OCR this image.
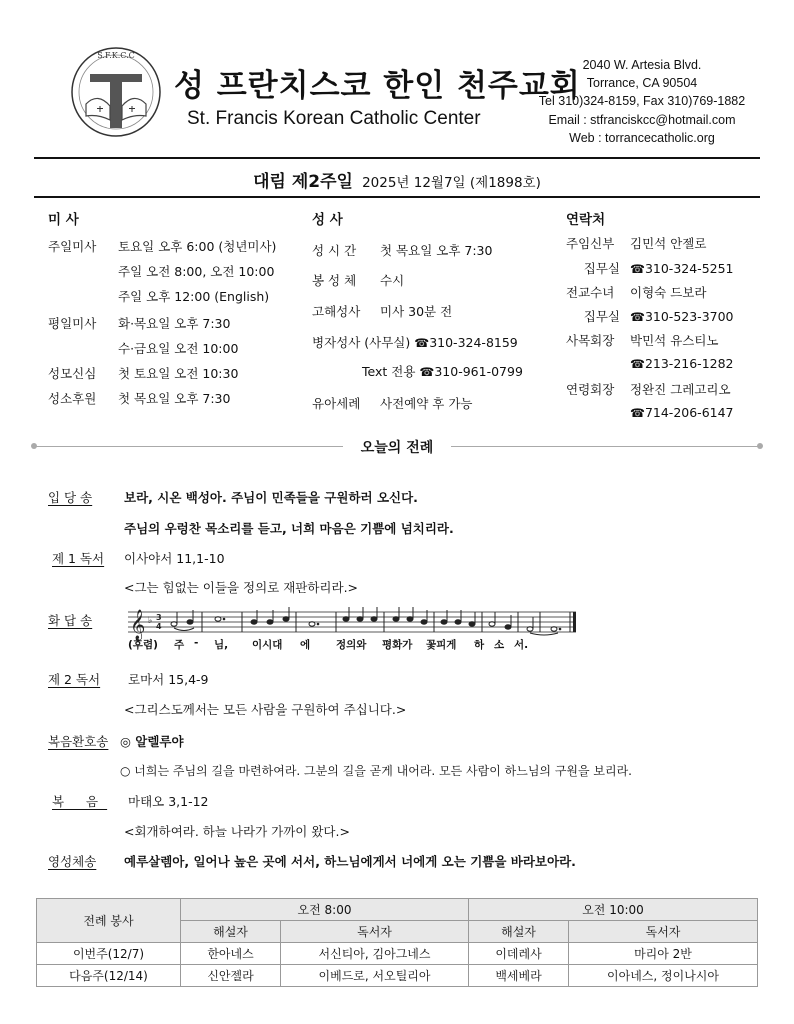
S.F.K.C.C
성 프란치스코 한인 천주교회
St. Francis Korean Catholic Center
2040 W. Artesia Blvd.
Torrance, CA 90504
Tel 310)324-8159, Fax 310)769-1882
Email : stfranciskcc@hotmail.com
Web : torrancecatholic.org
대림 제2주일 2025년 12월7일 (제1898호)
미 사
주일미사 토요일 오후 6:00 (청년미사)
주일 오전 8:00, 오전 10:00
주일 오후 12:00 (English)
평일미사 화·목요일 오후 7:30
수·금요일 오전 10:00
성모신심 첫 토요일 오전 10:30
성소후원 첫 목요일 오후 7:30
성 사
성 시 간 첫 목요일 오후 7:30
봉 성 체 수시
고해성사 미사 30분 전
병자성사 (사무실) ☎310-324-8159
Text 전용 ☎310-961-0799
유아세례 사전예약 후 가능
연락처
주임신부 김민석 안젤로
집무실 ☎310-324-5251
전교수녀 이형숙 드보라
집무실 ☎310-523-3700
사목회장 박민석 유스티노
☎213-216-1282
연령회장 정완진 그레고리오
☎714-206-6147
오늘의 전례
입 당 송	보라, 시온 백성아. 주님이 민족들을 구원하러 오신다.
주님의 우렁찬 목소리를 듣고, 너희 마음은 기쁨에 넘치리라.
제 1 독서 이사야서 11,1-10
<그는 힘없는 이들을 정의로 재판하리라.>
화 답 송 𝄞 ♭ 3
4
(후렴) 주 - 님, 이시대 에 정의와 평화가 꽃피게 하 소 서.
제 2 독서 로마서 15,4-9
<그리스도께서는 모든 사람을 구원하여 주십니다.>
복음환호송 ◎ 알렐루야
○ 너희는 주님의 길을 마련하여라. 그분의 길을 곧게 내어라. 모든 사람이 하느님의 구원을 보리라.
복 음 마태오 3,1-12
<회개하여라. 하늘 나라가 가까이 왔다.>
영성체송 예루살렘아, 일어나 높은 곳에 서서, 하느님에게서 너에게 오는 기쁨을 바라보아라.
전례 봉사	오전 8:00		오전 10:00	
	해설자	독서자	해설자	독서자
이번주(12/7)	한아네스	서신티아, 김아그네스	이데레사	마리아 2반
다음주(12/14)	신안젤라	이베드로, 서오틸리아	백세베라	이아네스, 정이나시아
